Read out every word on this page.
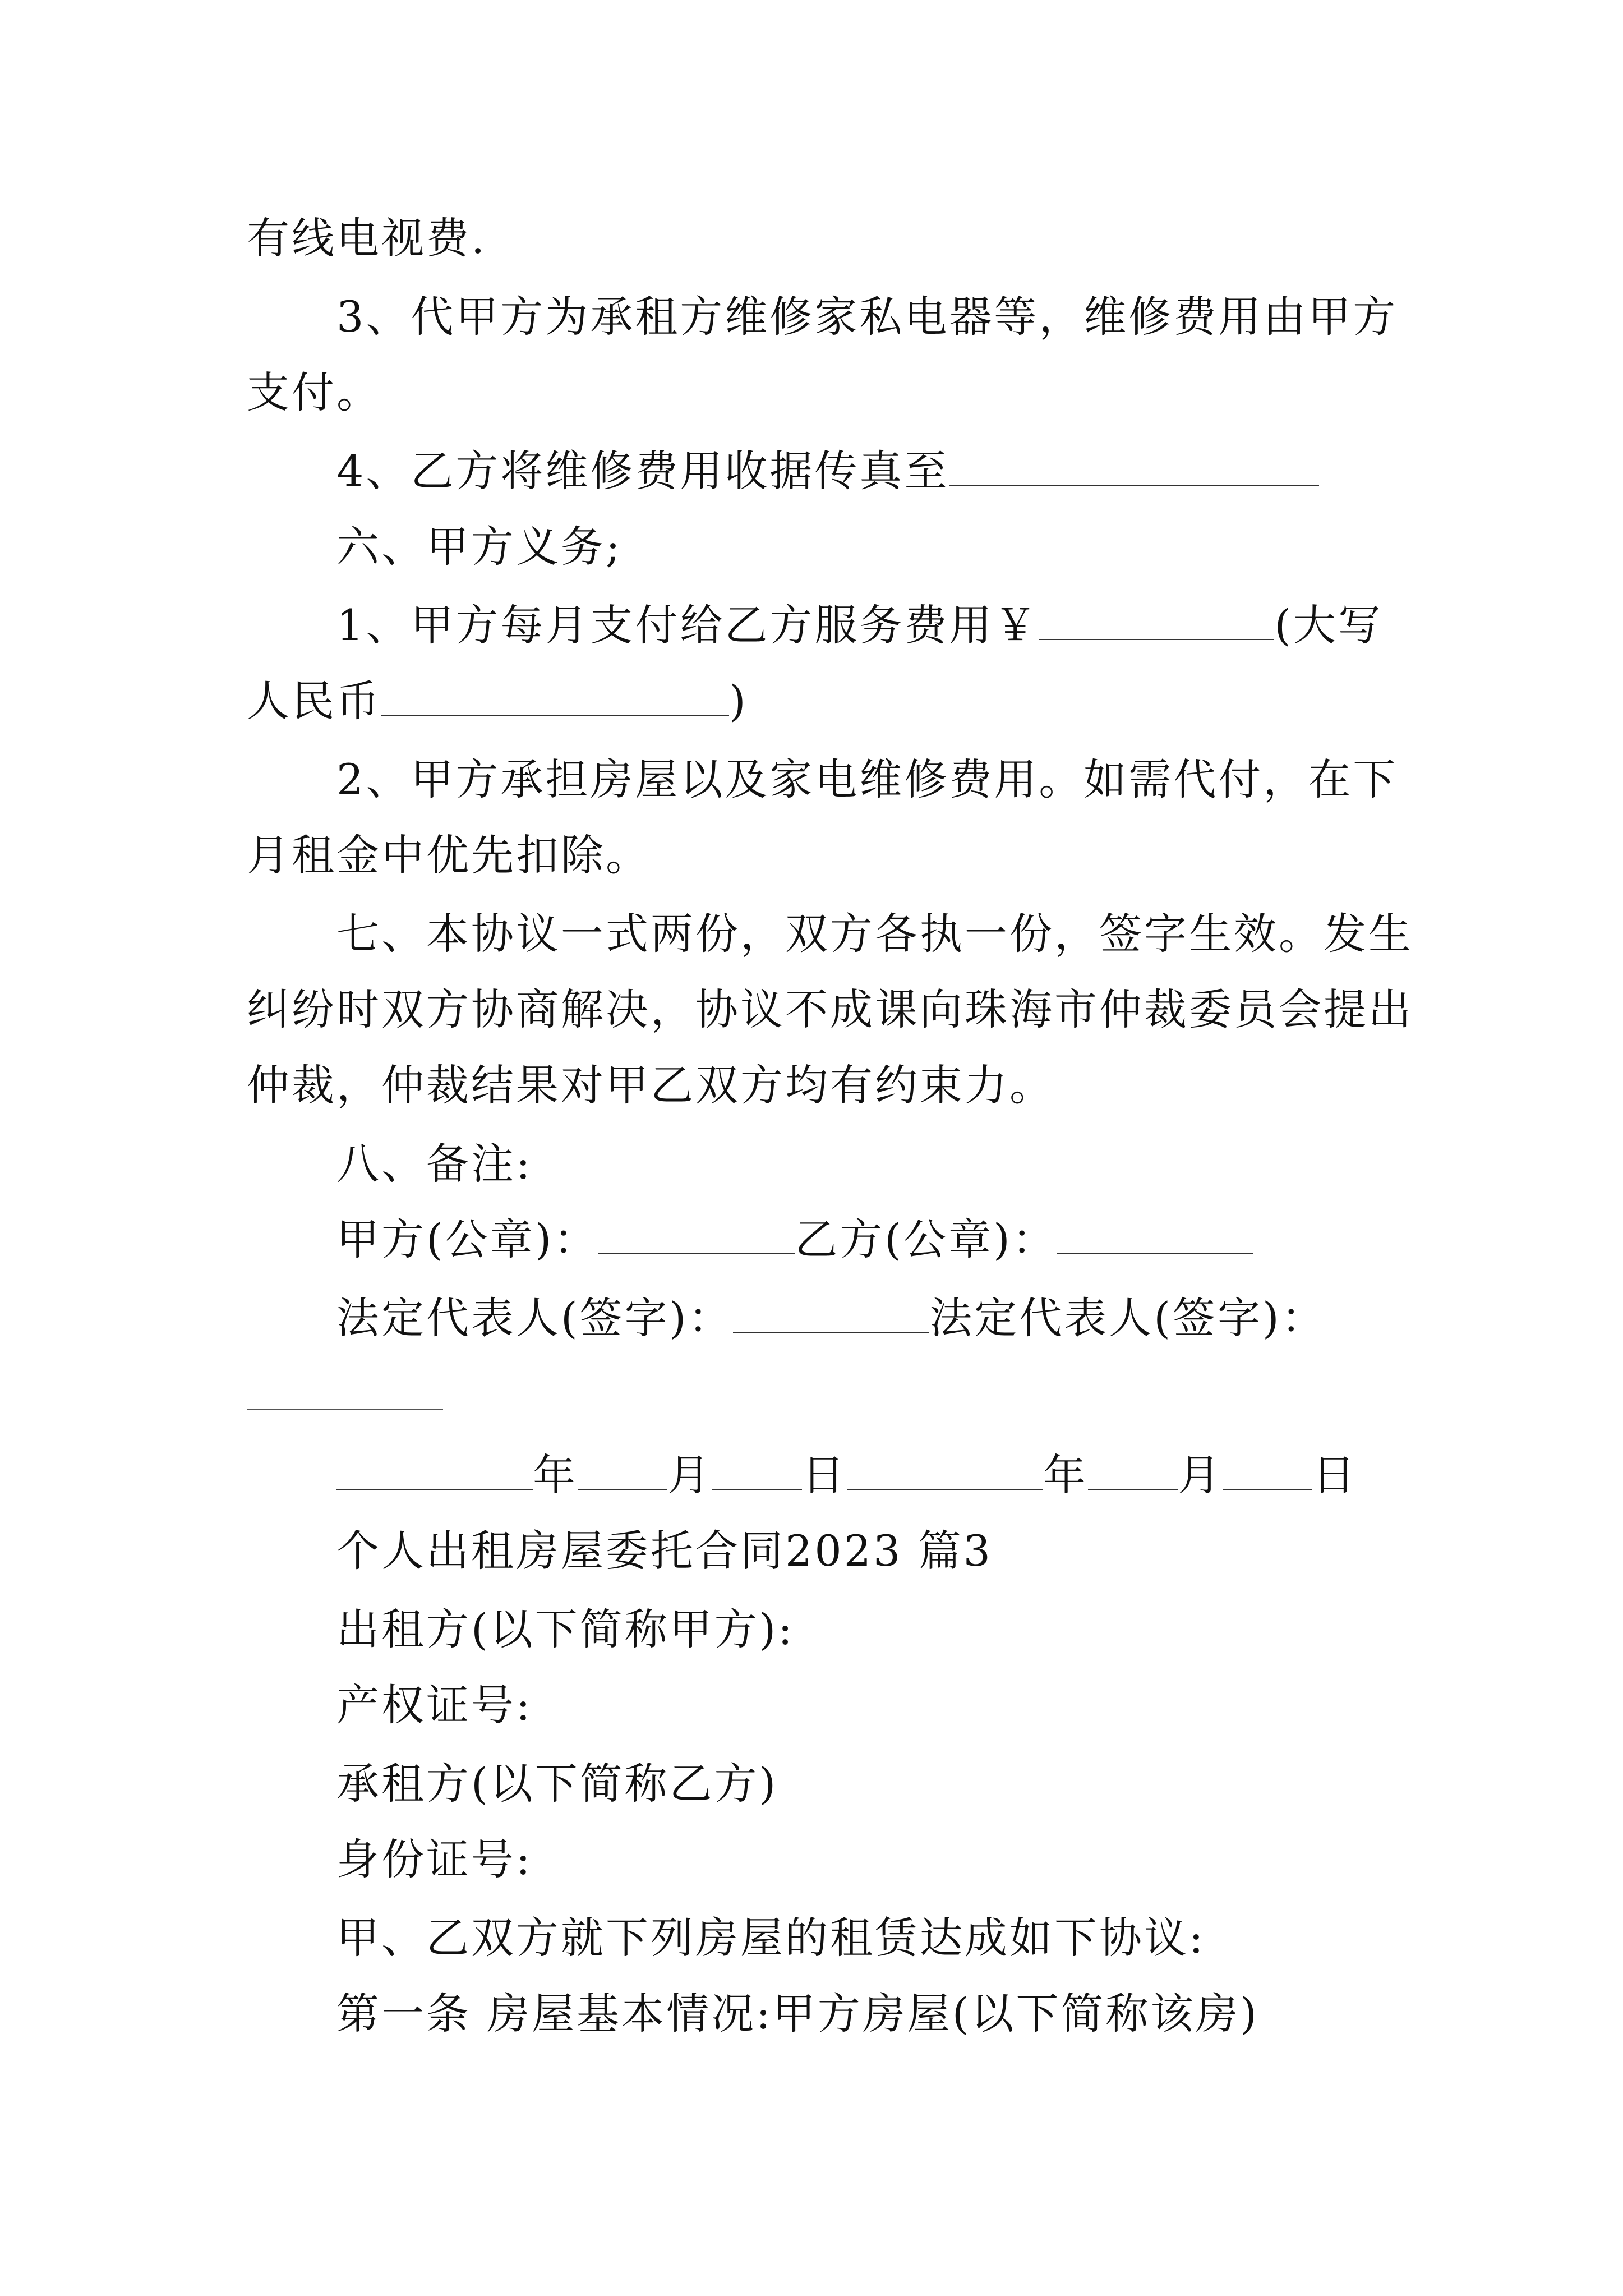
有线电视费.
3、代甲方为承租方维修家私电器等，维修费用由甲方
支付。
4、乙方将维修费用收据传真至
六、甲方义务;
1、甲方每月支付给乙方服务费用￥	(大写
人民币	)
2、甲方承担房屋以及家电维修费用。如需代付，在下
月租金中优先扣除。
七、本协议一式两份，双方各执一份，签字生效。发生
纠纷时双方协商解决，协议不成课向珠海市仲裁委员会提出
仲裁，仲裁结果对甲乙双方均有约束力。
八、备注:
甲方(公章)：	乙方(公章)：
法定代表人(签字)：	法定代表人(签字)：
年 月 日	年 月 日
个人出租房屋委托合同2023 篇3
出租方(以下简称甲方):
产权证号:
承租方(以下简称乙方)
身份证号:
甲、乙双方就下列房屋的租赁达成如下协议:
第一条 房屋基本情况:甲方房屋(以下简称该房)
